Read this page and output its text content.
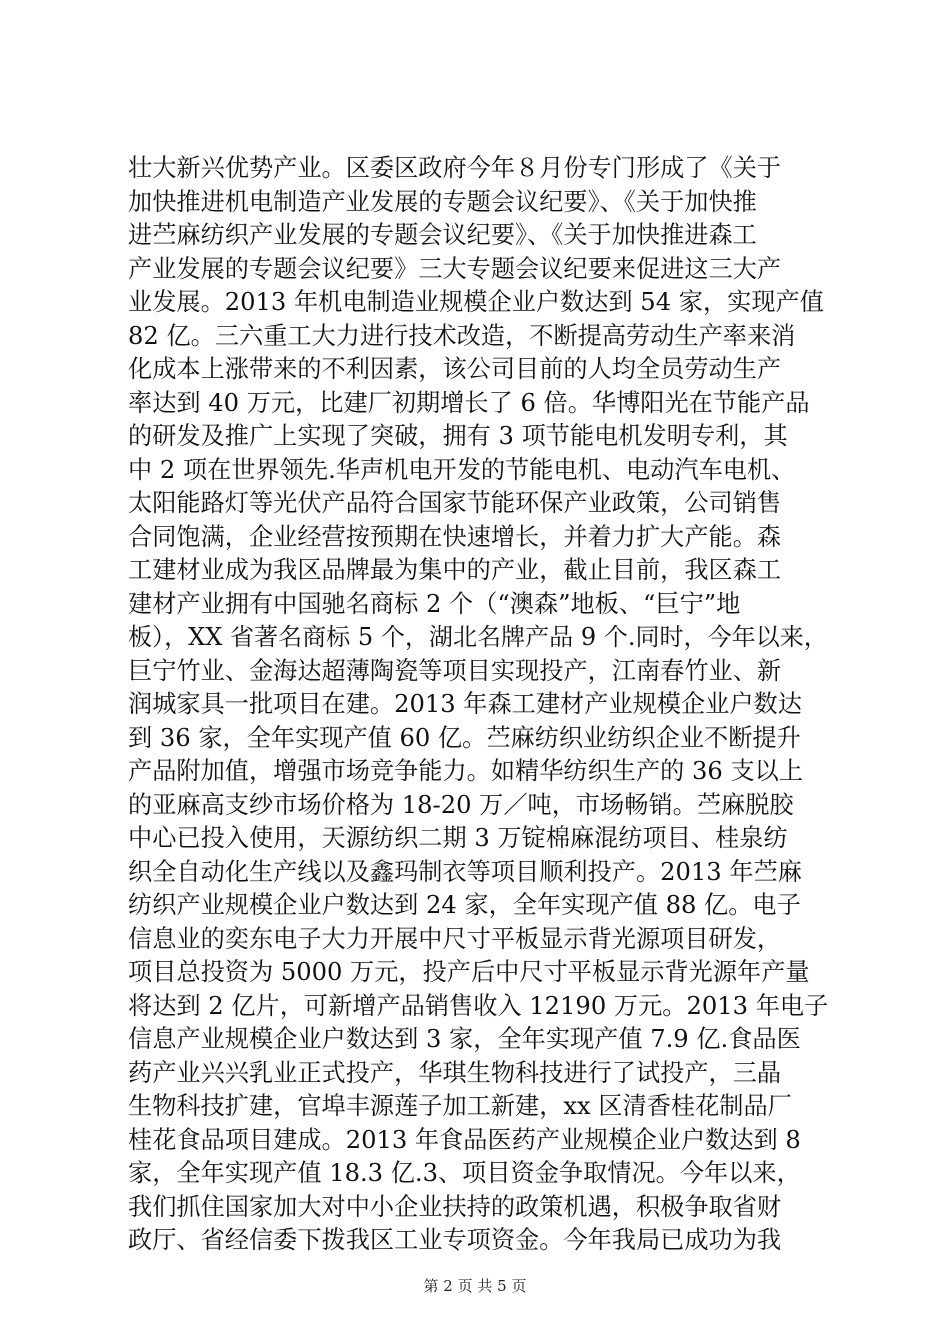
壮大新兴优势产业。区委区政府今年８月份专门形成了《关于
加快推进机电制造产业发展的专题会议纪要》、《关于加快推
进苎麻纺织产业发展的专题会议纪要》、《关于加快推进森工
产业发展的专题会议纪要》三大专题会议纪要来促进这三大产
业发展。2013 年机电制造业规模企业户数达到 54 家，实现产值
82 亿。三六重工大力进行技术改造，不断提高劳动生产率来消
化成本上涨带来的不利因素，该公司目前的人均全员劳动生产
率达到 40 万元，比建厂初期增长了 6 倍。华博阳光在节能产品
的研发及推广上实现了突破，拥有 3 项节能电机发明专利，其
中 2 项在世界领先.华声机电开发的节能电机、电动汽车电机、
太阳能路灯等光伏产品符合国家节能环保产业政策，公司销售
合同饱满，企业经营按预期在快速增长，并着力扩大产能。森
工建材业成为我区品牌最为集中的产业，截止目前，我区森工
建材产业拥有中国驰名商标 2 个（“澳森”地板、“巨宁”地
板），XX 省著名商标 5 个，湖北名牌产品 9 个.同时，今年以来，
巨宁竹业、金海达超薄陶瓷等项目实现投产，江南春竹业、新
润城家具一批项目在建。2013 年森工建材产业规模企业户数达
到 36 家，全年实现产值 60 亿。苎麻纺织业纺织企业不断提升
产品附加值，增强市场竞争能力。如精华纺织生产的 36 支以上
的亚麻高支纱市场价格为 18-20 万／吨，市场畅销。苎麻脱胶
中心已投入使用，天源纺织二期 3 万锭棉麻混纺项目、桂泉纺
织全自动化生产线以及鑫玛制衣等项目顺利投产。2013 年苎麻
纺织产业规模企业户数达到 24 家，全年实现产值 88 亿。电子
信息业的奕东电子大力开展中尺寸平板显示背光源项目研发，
项目总投资为 5000 万元，投产后中尺寸平板显示背光源年产量
将达到 2 亿片，可新增产品销售收入 12190 万元。2013 年电子
信息产业规模企业户数达到 3 家，全年实现产值 7.9 亿.食品医
药产业兴兴乳业正式投产，华琪生物科技进行了试投产，三晶
生物科技扩建，官埠丰源莲子加工新建，xx 区清香桂花制品厂
桂花食品项目建成。2013 年食品医药产业规模企业户数达到 8
家，全年实现产值 18.3 亿.3、项目资金争取情况。今年以来，
我们抓住国家加大对中小企业扶持的政策机遇，积极争取省财
政厅、省经信委下拨我区工业专项资金。今年我局已成功为我
第 2 页 共 5 页
